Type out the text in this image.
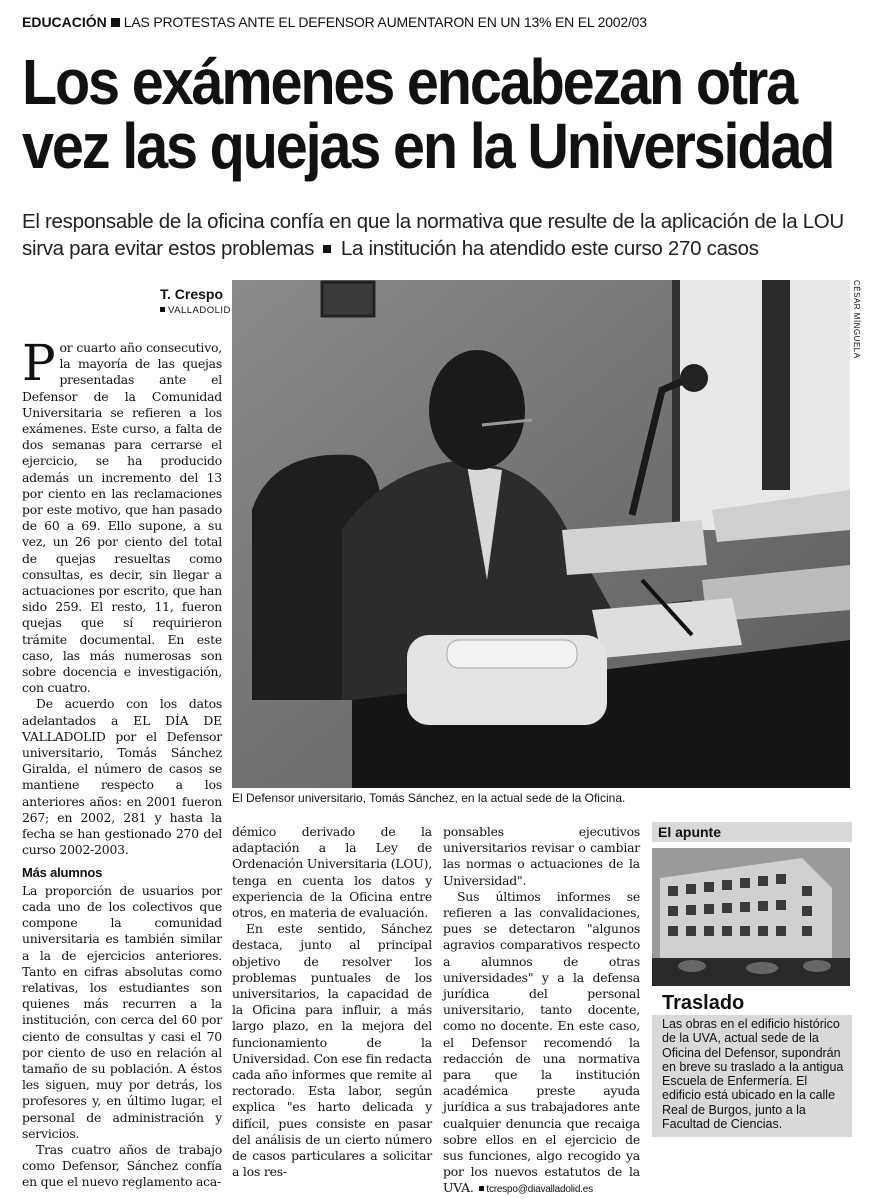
EDUCACIÓN LAS PROTESTAS ANTE EL DEFENSOR AUMENTARON EN UN 13% EN EL 2002/03
Los exámenes encabezan otra
vez las quejas en la Universidad
El responsable de la oficina confía en que la normativa que resulte de la aplicación de la LOU sirva para evitar estos problemas La institución ha atendido este curso 270 casos
T. Crespo
VALLADOLID	CÉSAR MÍNGUELA
El Defensor universitario, Tomás Sánchez, en la actual sede de la Oficina.

Por cuarto año consecutivo, la mayoría de las quejas presentadas ante el Defensor de la Comunidad Universitaria se refieren a los exámenes. Este curso, a falta de dos semanas para cerrarse el ejercicio, se ha producido además un incremento del 13 por ciento en las reclamaciones por este motivo, que han pasado de 60 a 69. Ello supone, a su vez, un 26 por ciento del total de quejas resueltas como consultas, es decir, sin llegar a actuaciones por escrito, que han sido 259. El resto, 11, fueron quejas que sí requirieron trámite documental. En este caso, las más numerosas son sobre docencia e investigación, con cuatro.

De acuerdo con los datos adelantados a EL DÍA DE VALLADOLID por el Defensor universitario, Tomás Sánchez Giralda, el número de casos se mantiene respecto a los anteriores años: en 2001 fueron 267; en 2002, 281 y hasta la fecha se han gestionado 270 del curso 2002-2003.

Más alumnos

La proporción de usuarios por cada uno de los colectivos que compone la comunidad universitaria es también similar a la de ejercicios anteriores. Tanto en cifras absolutas como relativas, los estudiantes son quienes más recurren a la institución, con cerca del 60 por ciento de consultas y casi el 70 por ciento de uso en relación al tamaño de su población. A éstos les siguen, muy por detrás, los profesores y, en último lugar, el personal de administración y servicios.

Tras cuatro años de trabajo como Defensor, Sánchez confía en que el nuevo reglamento aca-

démico derivado de la adaptación a la Ley de Ordenación Universitaria (LOU), tenga en cuenta los datos y experiencia de la Oficina entre otros, en materia de evaluación.

En este sentido, Sánchez destaca, junto al principal objetivo de resolver los problemas puntuales de los universitarios, la capacidad de la Oficina para influir, a más largo plazo, en la mejora del funcionamiento de la Universidad. Con ese fin redacta cada año informes que remite al rectorado. Esta labor, según explica "es harto delicada y difícil, pues consiste en pasar del análisis de un cierto número de casos particulares a solicitar a los res-

ponsables ejecutivos universitarios revisar o cambiar las normas o actuaciones de la Universidad".

Sus últimos informes se refieren a las convalidaciones, pues se detectaron "algunos agravios comparativos respecto a alumnos de otras universidades" y a la defensa jurídica del personal universitario, tanto docente, como no docente. En este caso, el Defensor recomendó la redacción de una normativa para que la institución académica preste ayuda jurídica a sus trabajadores ante cualquier denuncia que recaiga sobre ellos en el ejercicio de sus funciones, algo recogido ya por los nuevos estatutos de la UVA. tcrespo@diavalladolid.es

El apunte
Traslado
Las obras en el edificio histórico de la UVA, actual sede de la Oficina del Defensor, supondrán en breve su traslado a la antigua Escuela de Enfermería. El edificio está ubicado en la calle Real de Burgos, junto a la Facultad de Ciencias.
